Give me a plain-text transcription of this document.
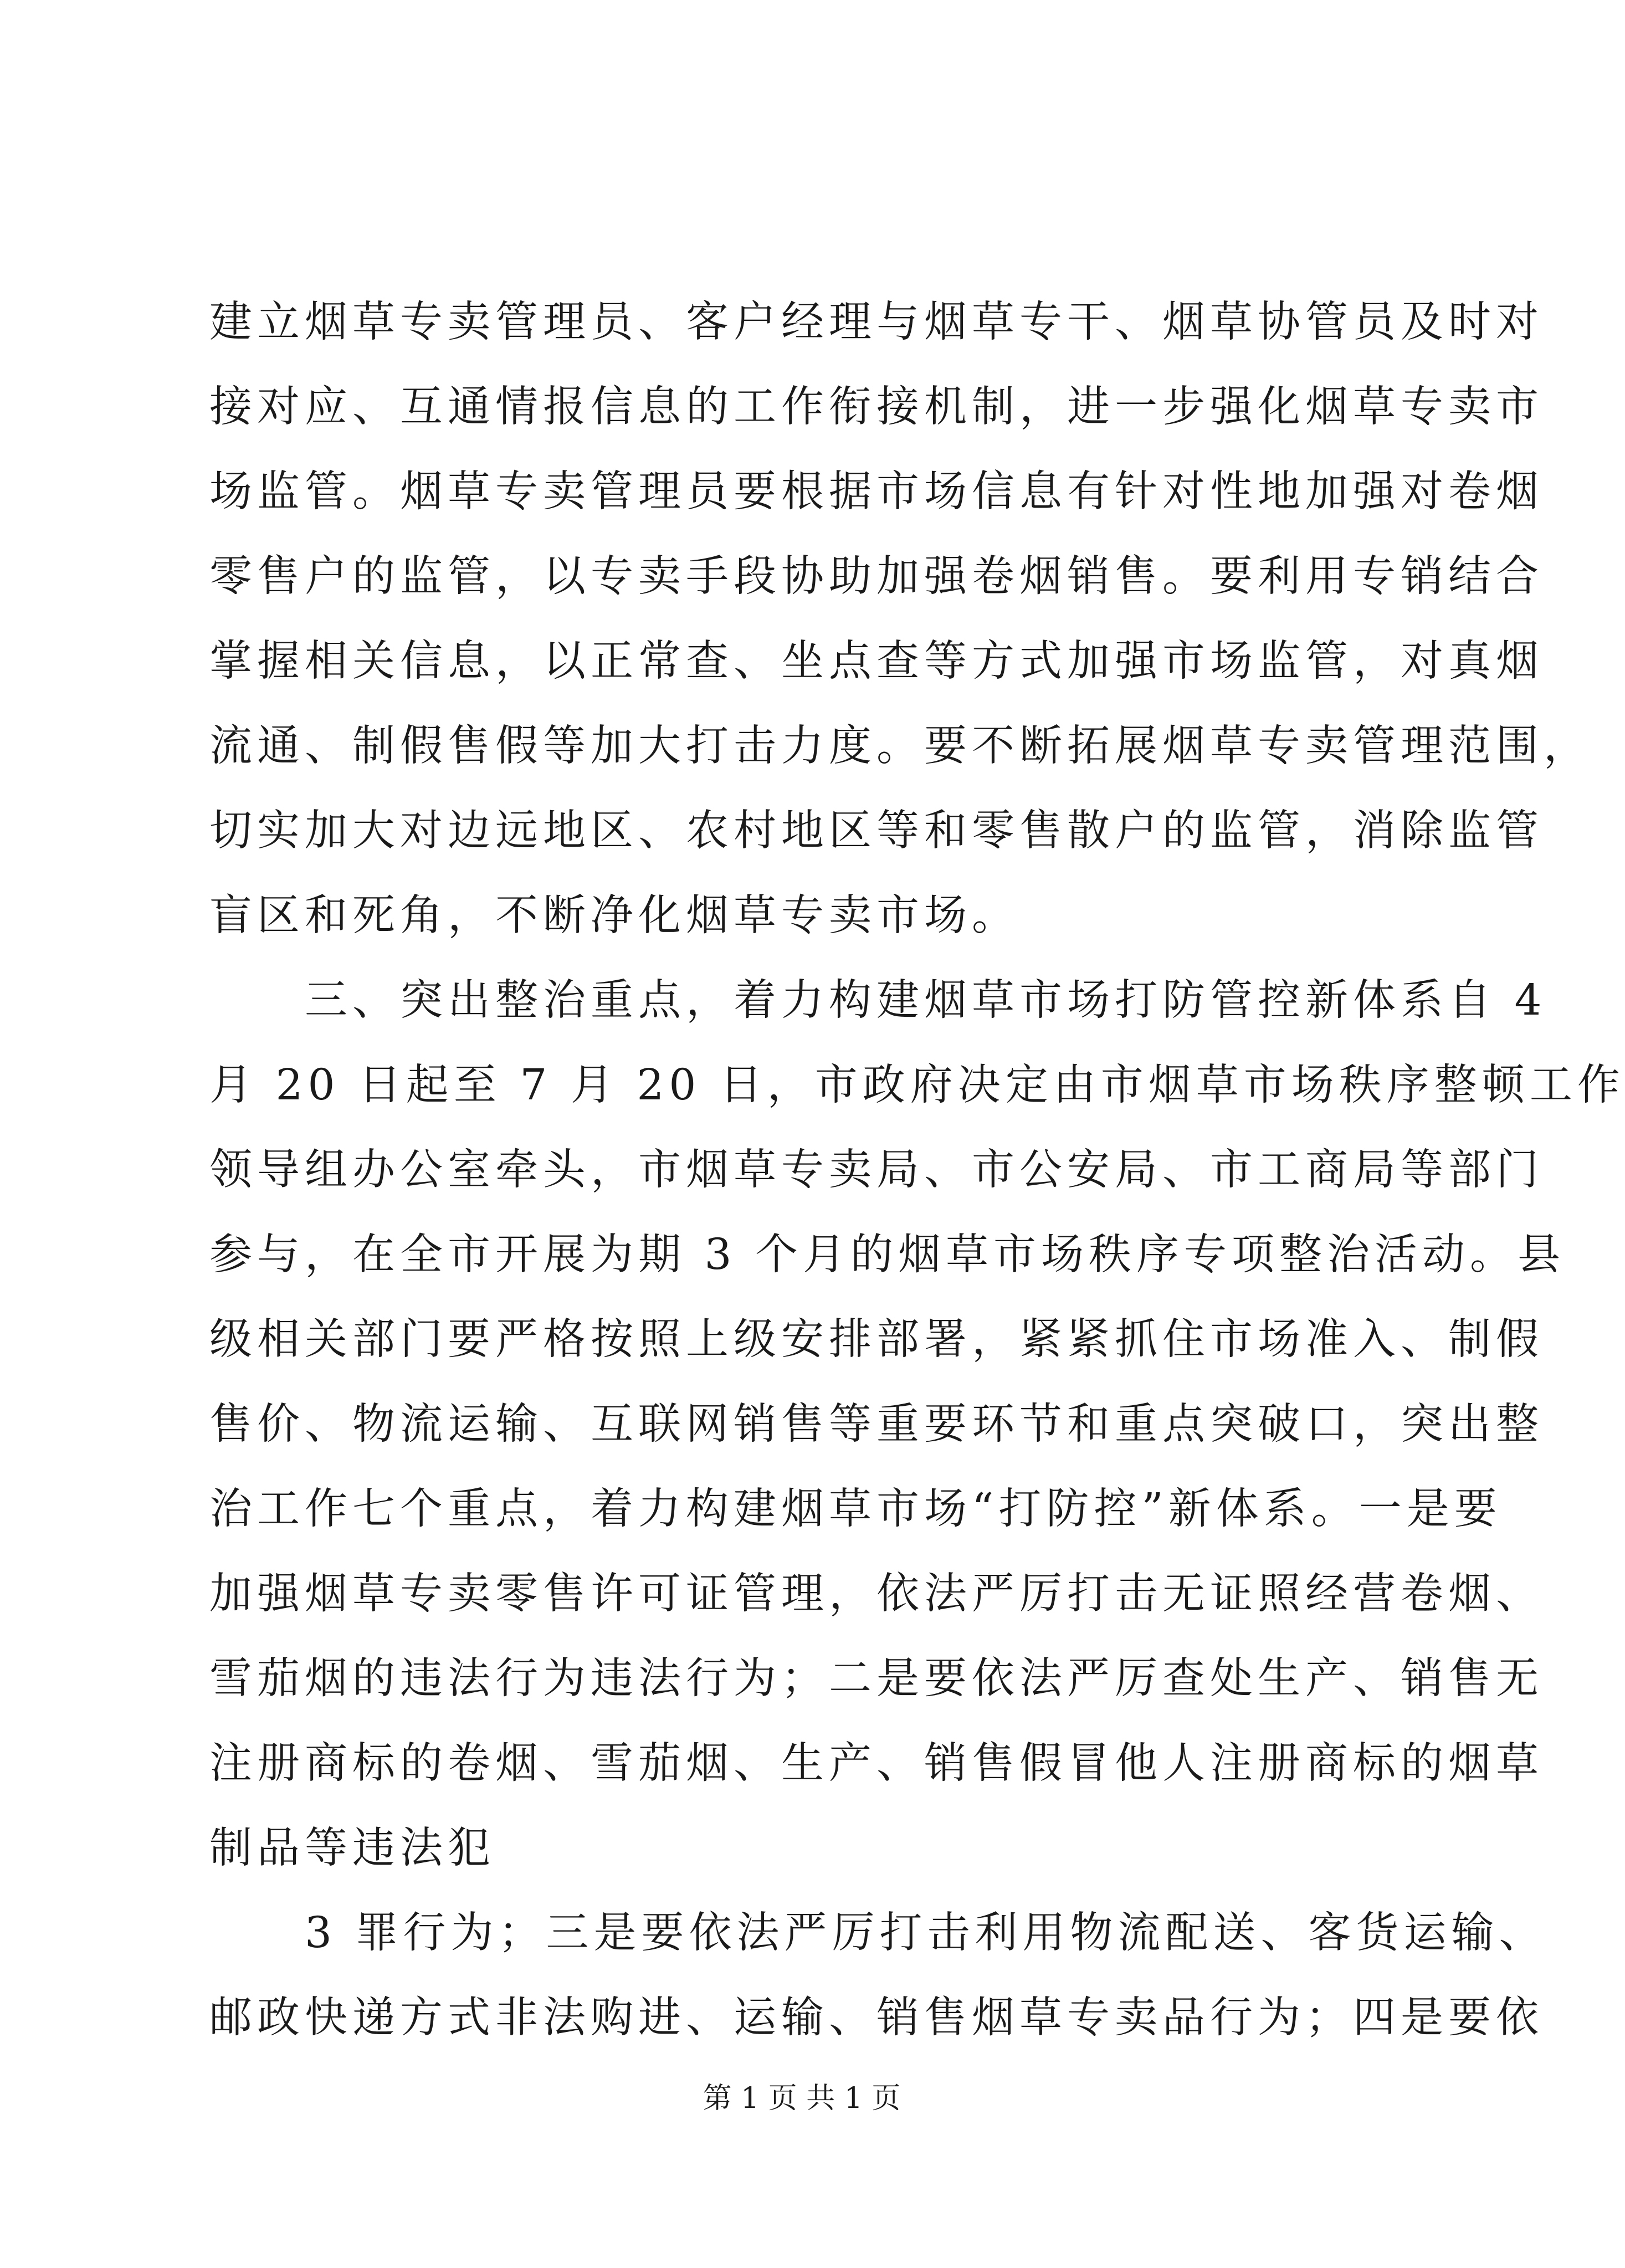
建立烟草专卖管理员、客户经理与烟草专干、烟草协管员及时对
接对应、互通情报信息的工作衔接机制，进一步强化烟草专卖市
场监管。烟草专卖管理员要根据市场信息有针对性地加强对卷烟
零售户的监管，以专卖手段协助加强卷烟销售。要利用专销结合
掌握相关信息，以正常查、坐点查等方式加强市场监管，对真烟
流通、制假售假等加大打击力度。要不断拓展烟草专卖管理范围，
切实加大对边远地区、农村地区等和零售散户的监管，消除监管
盲区和死角，不断净化烟草专卖市场。
　　三、突出整治重点，着力构建烟草市场打防管控新体系自 4
月 20 日起至 7 月 20 日，市政府决定由市烟草市场秩序整顿工作
领导组办公室牵头，市烟草专卖局、市公安局、市工商局等部门
参与，在全市开展为期 3 个月的烟草市场秩序专项整治活动。县
级相关部门要严格按照上级安排部署，紧紧抓住市场准入、制假
售价、物流运输、互联网销售等重要环节和重点突破口，突出整
治工作七个重点，着力构建烟草市场“打防控”新体系。一是要
加强烟草专卖零售许可证管理，依法严厉打击无证照经营卷烟、
雪茄烟的违法行为违法行为；二是要依法严厉查处生产、销售无
注册商标的卷烟、雪茄烟、生产、销售假冒他人注册商标的烟草
制品等违法犯
　　3 罪行为；三是要依法严厉打击利用物流配送、客货运输、
邮政快递方式非法购进、运输、销售烟草专卖品行为；四是要依
第 1 页 共 1 页
